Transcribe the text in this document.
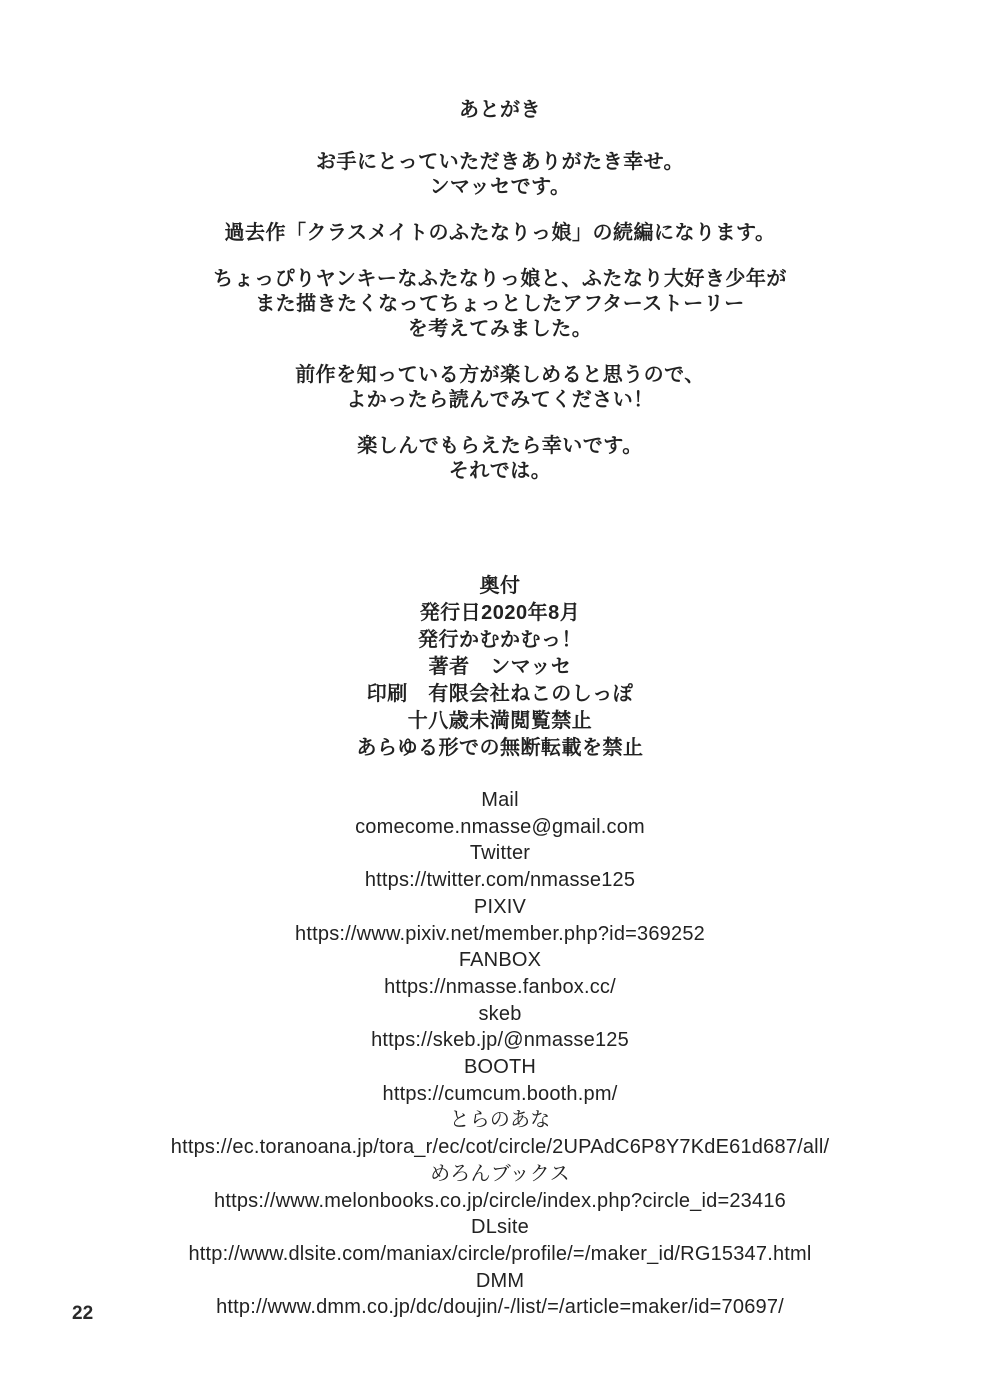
あとがき
お手にとっていただきありがたき幸せ。
ンマッセです。
過去作「クラスメイトのふたなりっ娘」の続編になります。
ちょっぴりヤンキーなふたなりっ娘と、ふたなり大好き少年が
また描きたくなってちょっとしたアフターストーリー
を考えてみました。
前作を知っている方が楽しめると思うので、
よかったら読んでみてください！
楽しんでもらえたら幸いです。
それでは。
奥付
発行日2020年8月
発行かむかむっ！
著者　ンマッセ
印刷　有限会社ねこのしっぽ
十八歳未満閲覧禁止
あらゆる形での無断転載を禁止
Mail
comecome.nmasse@gmail.com
Twitter
https://twitter.com/nmasse125
PIXIV
https://www.pixiv.net/member.php?id=369252
FANBOX
https://nmasse.fanbox.cc/
skeb
https://skeb.jp/@nmasse125
BOOTH
https://cumcum.booth.pm/
とらのあな
https://ec.toranoana.jp/tora_r/ec/cot/circle/2UPAdC6P8Y7KdE61d687/all/
めろんブックス
https://www.melonbooks.co.jp/circle/index.php?circle_id=23416
DLsite
http://www.dlsite.com/maniax/circle/profile/=/maker_id/RG15347.html
DMM
http://www.dmm.co.jp/dc/doujin/-/list/=/article=maker/id=70697/
22
